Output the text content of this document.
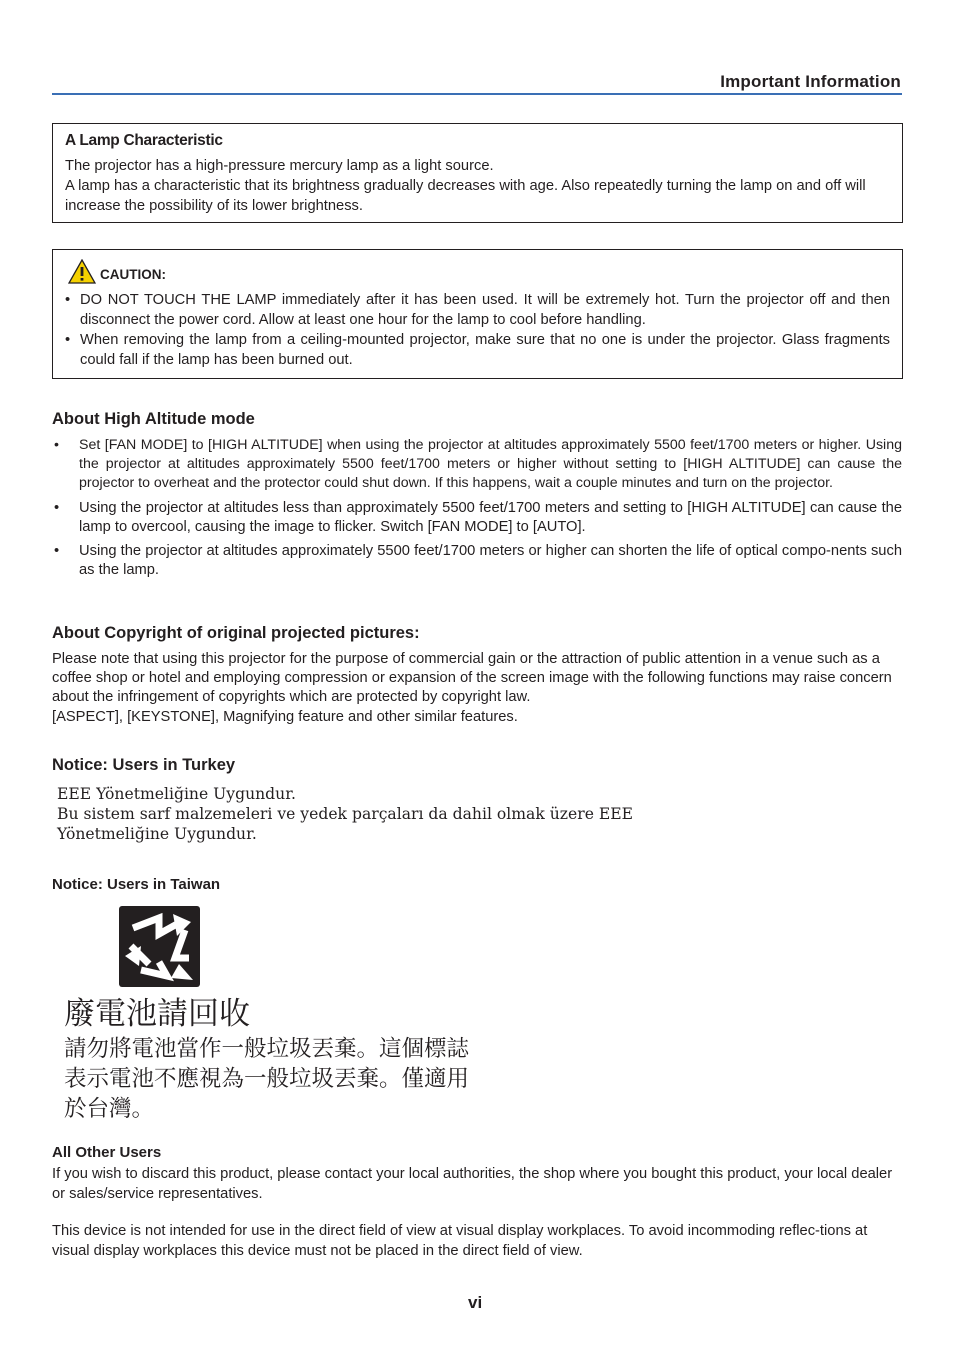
Important Information
A Lamp Characteristic
The projector has a high-pressure mercury lamp as a light source.
A lamp has a characteristic that its brightness gradually decreases with age. Also repeatedly turning the lamp on and off will increase the possibility of its lower brightness.
CAUTION:
• DO NOT TOUCH THE LAMP immediately after it has been used. It will be extremely hot. Turn the projector off and then disconnect the power cord. Allow at least one hour for the lamp to cool before handling.
• When removing the lamp from a ceiling-mounted projector, make sure that no one is under the projector. Glass fragments could fall if the lamp has been burned out.
About High Altitude mode
• Set [FAN MODE] to [HIGH ALTITUDE] when using the projector at altitudes approximately 5500 feet/1700 meters or higher. Using the projector at altitudes approximately 5500 feet/1700 meters or higher without setting to [HIGH ALTITUDE] can cause the projector to overheat and the protector could shut down. If this happens, wait a couple minutes and turn on the projector.
• Using the projector at altitudes less than approximately 5500 feet/1700 meters and setting to [HIGH ALTITUDE] can cause the lamp to overcool, causing the image to flicker. Switch [FAN MODE] to [AUTO].
• Using the projector at altitudes approximately 5500 feet/1700 meters or higher can shorten the life of optical compo-nents such as the lamp.
About Copyright of original projected pictures:
Please note that using this projector for the purpose of commercial gain or the attraction of public attention in a venue such as a coffee shop or hotel and employing compression or expansion of the screen image with the following functions may raise concern about the infringement of copyrights which are protected by copyright law.
[ASPECT], [KEYSTONE], Magnifying feature and other similar features.
Notice: Users in Turkey
EEE Yönetmeliğine Uygundur.
Bu sistem sarf malzemeleri ve yedek parçaları da dahil olmak üzere EEE
Yönetmeliğine Uygundur.
Notice: Users in Taiwan
廢電池請回收
請勿將電池當作一般垃圾丟棄。這個標誌表示電池不應視為一般垃圾丟棄。僅適用於台灣。
All Other Users
If you wish to discard this product, please contact your local authorities, the shop where you bought this product, your local dealer or sales/service representatives.
This device is not intended for use in the direct field of view at visual display workplaces. To avoid incommoding reflec-tions at visual display workplaces this device must not be placed in the direct field of view.
vi
